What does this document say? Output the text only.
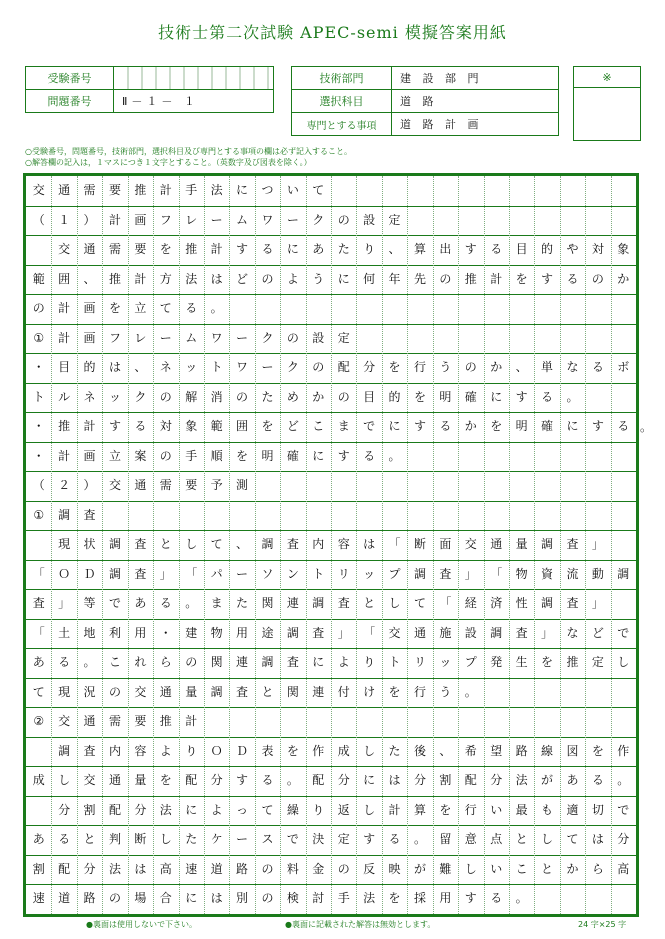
技術士第二次試験 APEC-semi 模擬答案用紙
受験番号	
問題番号	Ⅱ－１－ １
技術部門	建 設 部 門
選択科目	道 路
専門とする事項	道 路 計 画
※

○受験番号，問題番号，技術部門，選択科目及び専門とする事項の欄は必ず記入すること。
○解答欄の記入は，１マスにつき１文字とすること。（英数字及び図表を除く。）
交	通	需	要	推	計	手	法	に	つ	い	て
（	１	）	計	画	フ	レ	ー	ム	ワ	ー	ク	の	設	定
交	通	需	要	を	推	計	す	る	に	あ	た	り	、	算	出	す	る	目	的	や	対	象
範	囲	、	推	計	方	法	は	ど	の	よ	う	に	何	年	先	の	推	計	を	す	る	の	か
の	計	画	を	立	て	る	。
①	計	画	フ	レ	ー	ム	ワ	ー	ク	の	設	定
・	目	的	は	、	ネ	ッ	ト	ワ	ー	ク	の	配	分	を	行	う	の	か	、	単	な	る	ボ
ト	ル	ネ	ッ	ク	の	解	消	の	た	め	か	の	目	的	を	明	確	に	す	る	。
・	推	計	す	る	対	象	範	囲	を	ど	こ	ま	で	に	す	る	か	を	明	確	に	す	る
・	計	画	立	案	の	手	順	を	明	確	に	す	る	。
（	２	）	交	通	需	要	予	測
①	調	査
現	状	調	査	と	し	て	、	調	査	内	容	は	「	断	面	交	通	量	調	査	」
「	Ｏ	Ｄ	調	査	」	「	パ	ー	ソ	ン	ト	リ	ッ	プ	調	査	」	「	物	資	流	動	調
査	」	等	で	あ	る	。	ま	た	関	連	調	査	と	し	て	「	経	済	性	調	査	」
「	土	地	利	用	・	建	物	用	途	調	査	」	「	交	通	施	設	調	査	」	な	ど	で
あ	る	。	こ	れ	ら	の	関	連	調	査	に	よ	り	ト	リ	ッ	プ	発	生	を	推	定	し
て	現	況	の	交	通	量	調	査	と	関	連	付	け	を	行	う	。
②	交	通	需	要	推	計
調	査	内	容	よ	り	Ｏ	Ｄ	表	を	作	成	し	た	後	、	希	望	路	線	図	を	作
成	し	交	通	量	を	配	分	す	る	。	配	分	に	は	分	割	配	分	法	が	あ	る	。
分	割	配	分	法	に	よ	っ	て	繰	り	返	し	計	算	を	行	い	最	も	適	切	で
あ	る	と	判	断	し	た	ケ	ー	ス	で	決	定	す	る	。	留	意	点	と	し	て	は	分
割	配	分	法	は	高	速	道	路	の	料	金	の	反	映	が	難	し	い	こ	と	か	ら	高
速	道	路	の	場	合	に	は	別	の	検	討	手	法	を	採	用	す	る	。
。
●裏面は使用しないで下さい。	●裏面に記載された解答は無効とします。	24 字×25 字
